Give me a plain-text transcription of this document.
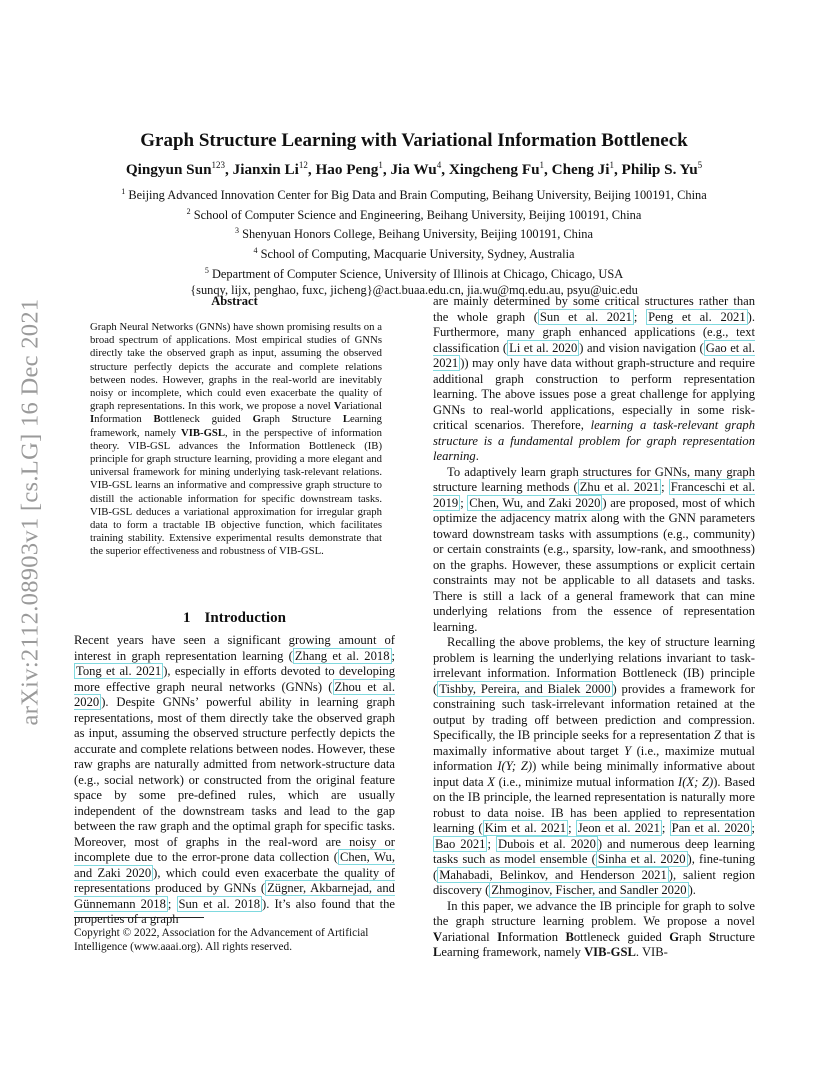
arXiv:2112.08903v1 [cs.LG] 16 Dec 2021
Graph Structure Learning with Variational Information Bottleneck
Qingyun Sun$^{123}$, Jianxin Li$^{12}$, Hao Peng$^1$, Jia Wu$^4$, Xingcheng Fu$^1$, Cheng Ji$^1$, Philip S. Yu$^5$
$^1$ Beijing Advanced Innovation Center for Big Data and Brain Computing, Beihang University, Beijing 100191, China
$^2$ School of Computer Science and Engineering, Beihang University, Beijing 100191, China
$^3$ Shenyuan Honors College, Beihang University, Beijing 100191, China
$^4$ School of Computing, Macquarie University, Sydney, Australia
$^5$ Department of Computer Science, University of Illinois at Chicago, Chicago, USA
{sunqy, lijx, penghao, fuxc, jicheng}@act.buaa.edu.cn, jia.wu@mq.edu.au, psyu@uic.edu
Abstract
Graph Neural Networks (GNNs) have shown promising results on a broad spectrum of applications. Most empirical studies of GNNs directly take the observed graph as input, assuming the observed structure perfectly depicts the accurate and complete relations between nodes. However, graphs in the real-world are inevitably noisy or incomplete, which could even exacerbate the quality of graph representations. In this work, we propose a novel Variational Information Bottleneck guided Graph Structure Learning framework, namely VIB-GSL, in the perspective of information theory. VIB-GSL advances the Information Bottleneck (IB) principle for graph structure learning, providing a more elegant and universal framework for mining underlying task-relevant relations. VIB-GSL learns an informative and compressive graph structure to distill the actionable information for specific downstream tasks. VIB-GSL deduces a variational approximation for irregular graph data to form a tractable IB objective function, which facilitates training stability. Extensive experimental results demonstrate that the superior effectiveness and robustness of VIB-GSL.
1 Introduction

Recent years have seen a significant growing amount of interest in graph representation learning ( Zhang et al. 2018 ; Tong et al. 2021 ), especially in efforts devoted to developing more effective graph neural networks (GNNs) ( Zhou et al. 2020 ). Despite GNNs’ powerful ability in learning graph representations, most of them directly take the observed graph as input, assuming the observed structure perfectly depicts the accurate and complete relations between nodes. However, these raw graphs are naturally admitted from network-structure data (e.g., social network) or constructed from the original feature space by some pre-defined rules, which are usually independent of the downstream tasks and lead to the gap between the raw graph and the optimal graph for specific tasks. Moreover, most of graphs in the real-word are noisy or incomplete due to the error-prone data collection ( Chen, Wu, and Zaki 2020 ), which could even exacerbate the quality of representations produced by GNNs ( Zügner, Akbarnejad, and Günnemann 2018 ; Sun et al. 2018 ). It’s also found that the properties of a graph

Copyright © 2022, Association for the Advancement of Artificial Intelligence (www.aaai.org). All rights reserved.

are mainly determined by some critical structures rather than the whole graph ( Sun et al. 2021 ; Peng et al. 2021 ). Furthermore, many graph enhanced applications (e.g., text classification ( Li et al. 2020 ) and vision navigation ( Gao et al. 2021 )) may only have data without graph-structure and require additional graph construction to perform representation learning. The above issues pose a great challenge for applying GNNs to real-world applications, especially in some risk-critical scenarios. Therefore, learning a task-relevant graph structure is a fundamental problem for graph representation learning.

To adaptively learn graph structures for GNNs, many graph structure learning methods ( Zhu et al. 2021 ; Franceschi et al. 2019 ; Chen, Wu, and Zaki 2020 ) are proposed, most of which optimize the adjacency matrix along with the GNN parameters toward downstream tasks with assumptions (e.g., community) or certain constraints (e.g., sparsity, low-rank, and smoothness) on the graphs. However, these assumptions or explicit certain constraints may not be applicable to all datasets and tasks. There is still a lack of a general framework that can mine underlying relations from the essence of representation learning.

Recalling the above problems, the key of structure learning problem is learning the underlying relations invariant to task-irrelevant information. Information Bottleneck (IB) principle ( Tishby, Pereira, and Bialek 2000 ) provides a framework for constraining such task-irrelevant information retained at the output by trading off between prediction and compression. Specifically, the IB principle seeks for a representation Z that is maximally informative about target Y (i.e., maximize mutual information I(Y; Z)) while being minimally informative about input data X (i.e., minimize mutual information I(X; Z)). Based on the IB principle, the learned representation is naturally more robust to data noise. IB has been applied to representation learning ( Kim et al. 2021 ; Jeon et al. 2021 ; Pan et al. 2020 ; Bao 2021 ; Dubois et al. 2020 ) and numerous deep learning tasks such as model ensemble ( Sinha et al. 2020 ), fine-tuning ( Mahabadi, Belinkov, and Henderson 2021 ), salient region discovery ( Zhmoginov, Fischer, and Sandler 2020 ).

In this paper, we advance the IB principle for graph to solve the graph structure learning problem. We propose a novel Variational Information Bottleneck guided Graph Structure Learning framework, namely VIB-GSL. VIB-
